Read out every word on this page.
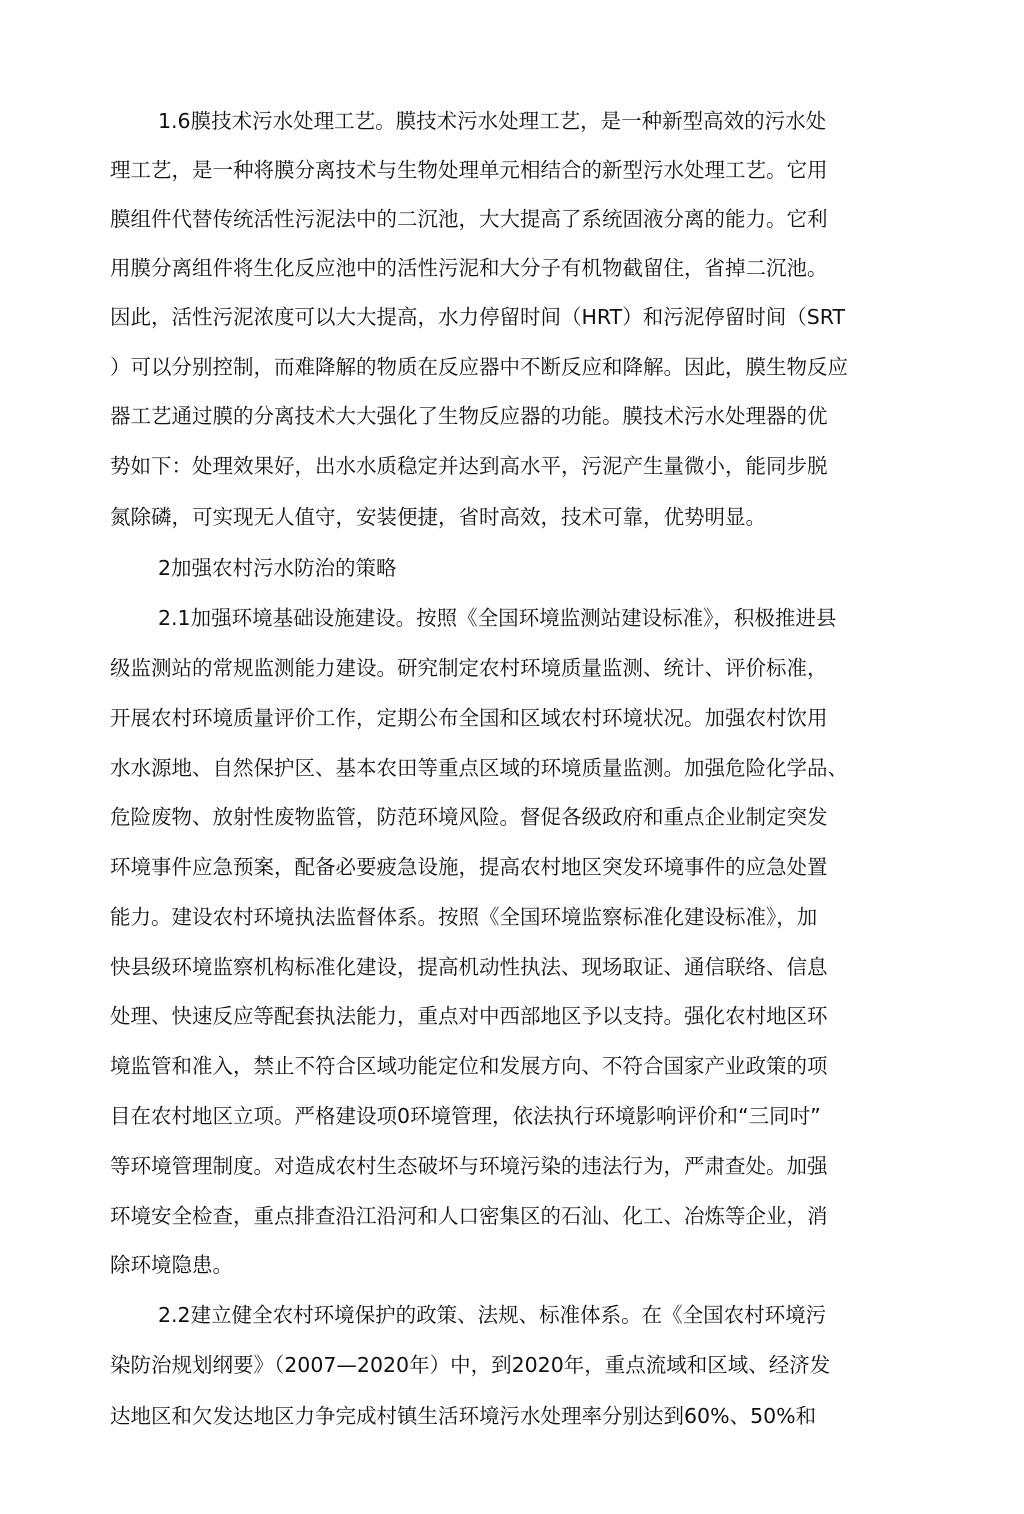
1.6膜技术污水处理工艺。膜技术污水处理工艺，是一种新型高效的污水处
理工艺，是一种将膜分离技术与生物处理单元相结合的新型污水处理工艺。它用
膜组件代替传统活性污泥法中的二沉池，大大提高了系统固液分离的能力。它利
用膜分离组件将生化反应池中的活性污泥和大分子有机物截留住，省掉二沉池。
因此，活性污泥浓度可以大大提高，水力停留时间（HRT）和污泥停留时间（SRT
）可以分别控制，而难降解的物质在反应器中不断反应和降解。因此，膜生物反应
器工艺通过膜的分离技术大大强化了生物反应器的功能。膜技术污水处理器的优
势如下：处理效果好，出水水质稳定并达到高水平，污泥产生量微小，能同步脱
氮除磷，可实现无人值守，安装便捷，省时高效，技术可靠，优势明显。
2加强农村污水防治的策略
2.1加强环境基础设施建设。按照《全国环境监测站建设标准》，积极推进县
级监测站的常规监测能力建设。研究制定农村环境质量监测、统计、评价标准，
开展农村环境质量评价工作，定期公布全国和区域农村环境状况。加强农村饮用
水水源地、自然保护区、基本农田等重点区域的环境质量监测。加强危险化学品、
危险废物、放射性废物监管，防范环境风险。督促各级政府和重点企业制定突发
环境事件应急预案，配备必要疲急设施，提高农村地区突发环境事件的应急处置
能力。建设农村环境执法监督体系。按照《全国环境监察标准化建设标准》，加
快县级环境监察机构标准化建设，提高机动性执法、现场取证、通信联络、信息
处理、快速反应等配套执法能力，重点对中西部地区予以支持。强化农村地区环
境监管和准入，禁止不符合区域功能定位和发展方向、不符合国家产业政策的项
目在农村地区立项。严格建设项0环境管理，依法执行环境影响评价和“三同吋”
等环境管理制度。对造成农村生态破坏与环境污染的违法行为，严肃查处。加强
环境安全检查，重点排查沿江沿河和人口密集区的石汕、化工、冶炼等企业，消
除环境隐患。
2.2建立健全农村环境保护的政策、法规、标准体系。在《全国农村环境污
染防治规划纲要》（2007—2020年）中，到2020年，重点流域和区域、经济发
达地区和欠发达地区力争完成村镇生活环境污水处理率分别达到60%、50%和
